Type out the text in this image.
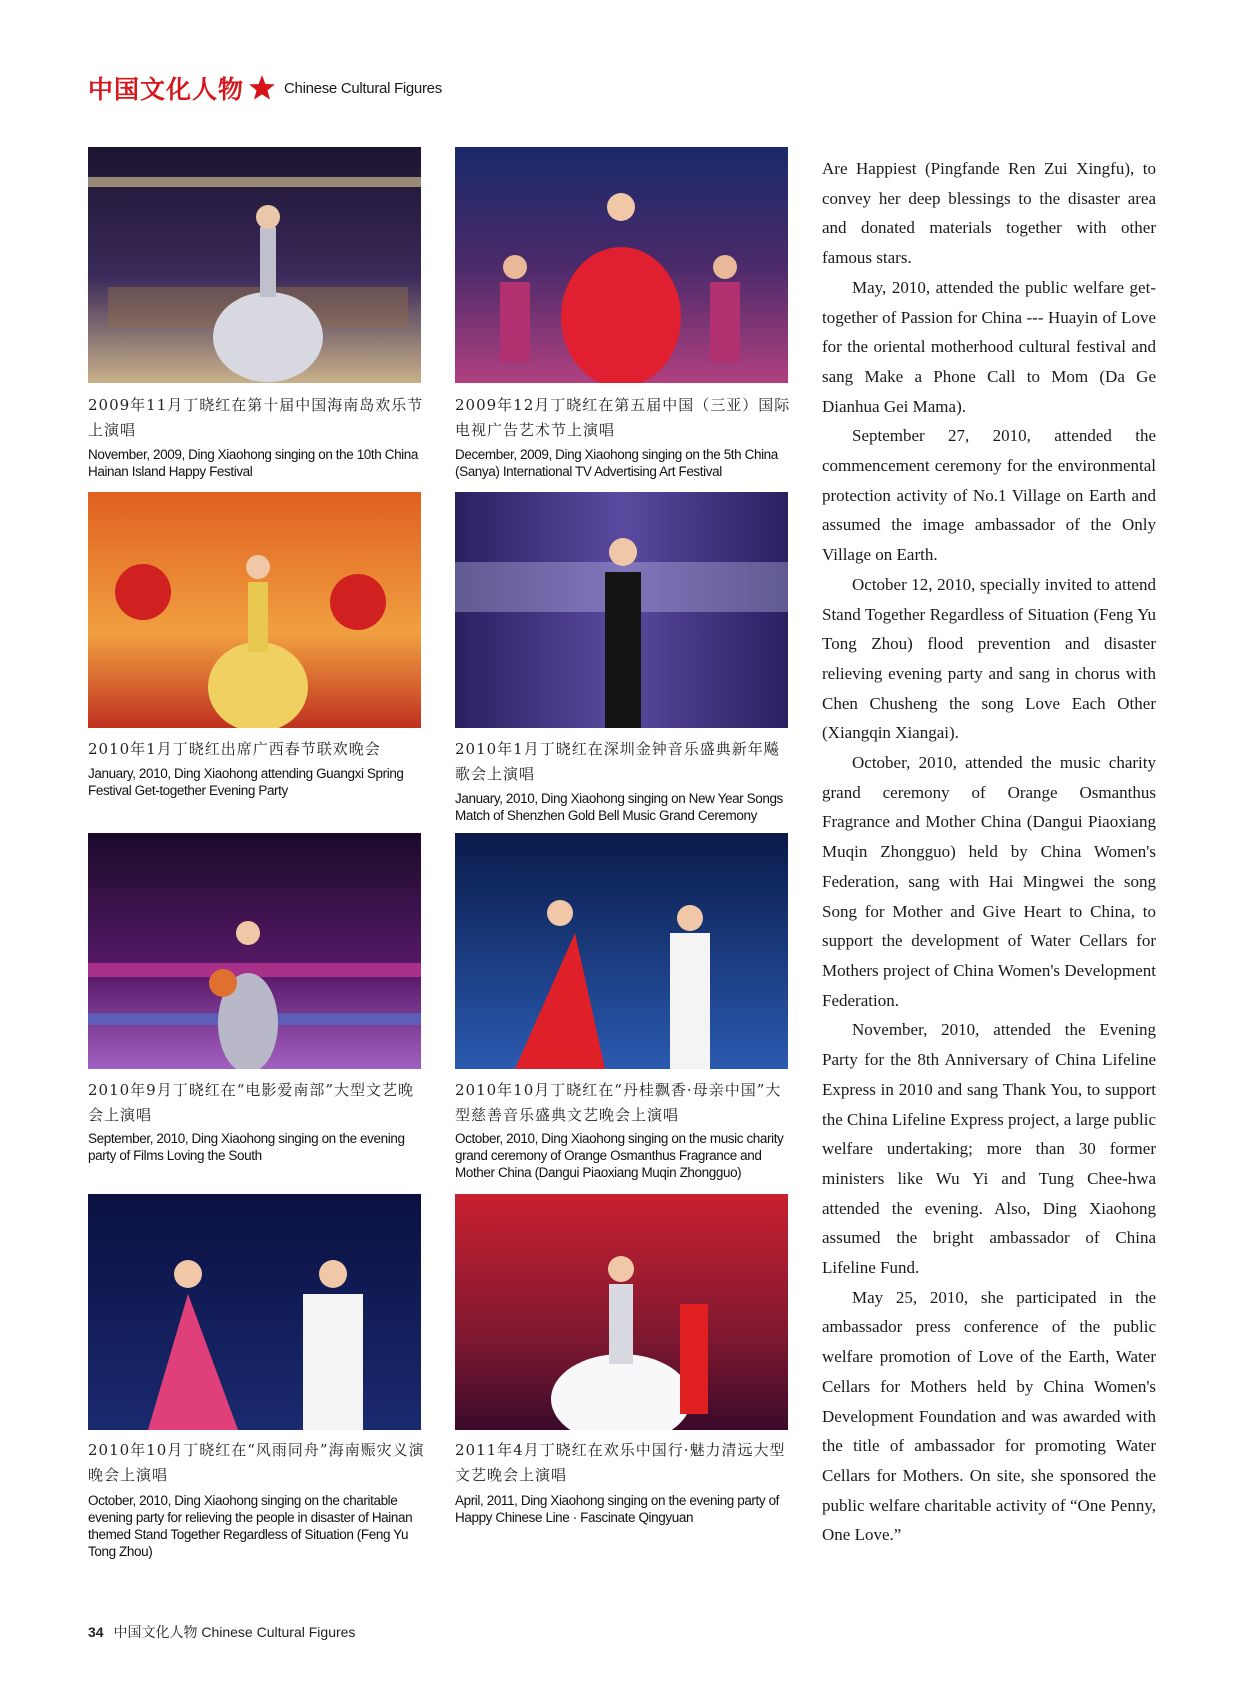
中国文化人物	Chinese Cultural Figures
2009年11月丁晓红在第十届中国海南岛欢乐节上演唱
November, 2009, Ding Xiaohong singing on the 10th China Hainan Island Happy Festival
2009年12月丁晓红在第五届中国（三亚）国际电视广告艺术节上演唱
December, 2009, Ding Xiaohong singing on the 5th China (Sanya) International TV Advertising Art Festival
2010年1月丁晓红出席广西春节联欢晚会
January, 2010, Ding Xiaohong attending Guangxi Spring Festival Get-together Evening Party
2010年1月丁晓红在深圳金钟音乐盛典新年飚歌会上演唱
January, 2010, Ding Xiaohong singing on New Year Songs Match of Shenzhen Gold Bell Music Grand Ceremony
2010年9月丁晓红在“电影爱南部”大型文艺晚会上演唱
September, 2010, Ding Xiaohong singing on the evening party of Films Loving the South
2010年10月丁晓红在“丹桂飘香·母亲中国”大型慈善音乐盛典文艺晚会上演唱
October, 2010, Ding Xiaohong singing on the music charity grand ceremony of Orange Osmanthus Fragrance and Mother China (Dangui Piaoxiang Muqin Zhongguo)
2010年10月丁晓红在“风雨同舟”海南赈灾义演晚会上演唱
October, 2010, Ding Xiaohong singing on the charitable evening party for relieving the people in disaster of Hainan themed Stand Together Regardless of Situation (Feng Yu Tong Zhou)
2011年4月丁晓红在欢乐中国行·魅力清远大型文艺晚会上演唱
April, 2011, Ding Xiaohong singing on the evening party of Happy Chinese Line · Fascinate Qingyuan

Are Happiest (Pingfande Ren Zui Xingfu), to convey her deep blessings to the disaster area and donated materials together with other famous stars.

May, 2010, attended the public welfare get-together of Passion for China --- Huayin of Love for the oriental motherhood cultural festival and sang Make a Phone Call to Mom (Da Ge Dianhua Gei Mama).

September 27, 2010, attended the commencement ceremony for the environmental protection activity of No.1 Village on Earth and assumed the image ambassador of the Only Village on Earth.

October 12, 2010, specially invited to attend Stand Together Regardless of Situation (Feng Yu Tong Zhou) flood prevention and disaster relieving evening party and sang in chorus with Chen Chusheng the song Love Each Other (Xiangqin Xiangai).

October, 2010, attended the music charity grand ceremony of Orange Osmanthus Fragrance and Mother China (Dangui Piaoxiang Muqin Zhongguo) held by China Women's Federation, sang with Hai Mingwei the song Song for Mother and Give Heart to China, to support the development of Water Cellars for Mothers project of China Women's Development Federation.

November, 2010, attended the Evening Party for the 8th Anniversary of China Lifeline Express in 2010 and sang Thank You, to support the China Lifeline Express project, a large public welfare undertaking; more than 30 former ministers like Wu Yi and Tung Chee-hwa attended the evening. Also, Ding Xiaohong assumed the bright ambassador of China Lifeline Fund.

May 25, 2010, she participated in the ambassador press conference of the public welfare promotion of Love of the Earth, Water Cellars for Mothers held by China Women's Development Foundation and was awarded with the title of ambassador for promoting Water Cellars for Mothers. On site, she sponsored the public welfare charitable activity of “One Penny, One Love.”

34 中国文化人物 Chinese Cultural Figures
